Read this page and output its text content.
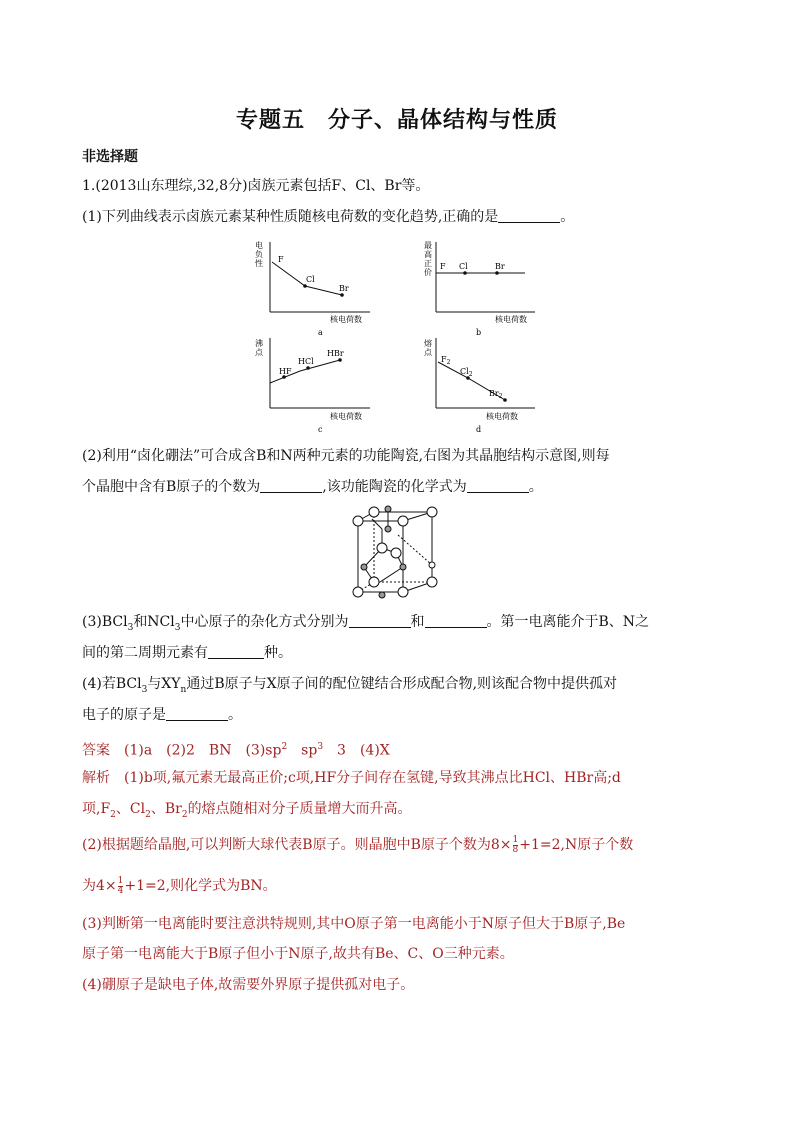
专题五　分子、晶体结构与性质
非选择题
1.(2013山东理综,32,8分)卤族元素包括F、Cl、Br等。
(1)下列曲线表示卤族元素某种性质随核电荷数的变化趋势,正确的是	。
电
负
性 F
Cl
Br
核电荷数
a
最
高
正
价
F Cl	Br
核电荷数
b
沸
点
HF
HCl
HBr
核电荷数
c
熔
点
$F_2$
$Cl_2$
$Br_2$
核电荷数
d
(2)利用“卤化硼法”可合成含B和N两种元素的功能陶瓷,右图为其晶胞结构示意图,则每
个晶胞中含有B原子的个数为	,该功能陶瓷的化学式为	。
(3)BCl$_3$和NCl$_3$中心原子的杂化方式分别为	和	。第一电离能介于B、N之
间的第二周期元素有	种。
(4)若BCl$_3$与$XY_n$通过B原子与X原子间的配位键结合形成配合物,则该配合物中提供孤对
电子的原子是	。
答案　 (1)a　(2)2　BN　$(3)sp^2$　$sp^3$　3　(4)X
解析　 (1)b项,氟元素无最高正价;c项,HF分子间存在氢键,导致其沸点比HCl、HBr高;d
项$,F_2$、$Cl_2$、$Br_2$的熔点随相对分子质量增大而升高。
(2)根据题给晶胞,可以判断大球代表B原子。则晶胞中B原子个数为$8\times \frac{1}{8} +1=2,N$原子个数
为$4\times \frac{1}{4} +1=2$,则化学式为BN。
(3)判断第一电离能时要注意洪特规则,其中O原子第一电离能小于N原子但大于B原子,Be
原子第一电离能大于B原子但小于N原子,故共有Be、C、O三种元素。
(4)硼原子是缺电子体,故需要外界原子提供孤对电子。
